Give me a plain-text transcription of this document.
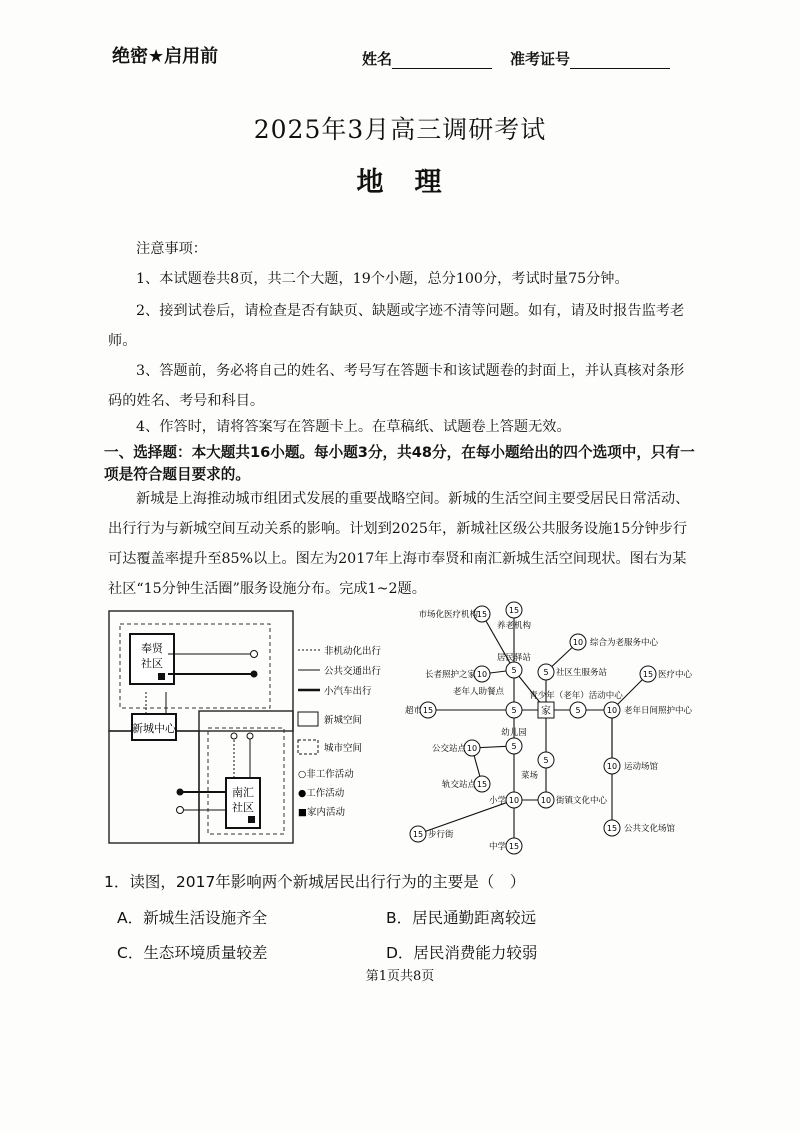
绝密★启用前	姓名	准考证号
2025年3月高三调研考试
地　理
注意事项：
1、本试题卷共8页，共二个大题，19个小题，总分100分，考试时量75分钟。
2、接到试卷后，请检查是否有缺页、缺题或字迹不清等问题。如有，请及时报告监考老师。
3、答题前，务必将自己的姓名、考号写在答题卡和该试题卷的封面上，并认真核对条形码的姓名、考号和科目。
4、作答时，请将答案写在答题卡上。在草稿纸、试题卷上答题无效。
一、选择题：本大题共16小题。每小题3分，共48分，在每小题给出的四个选项中，只有一项是符合题目要求的。
新城是上海推动城市组团式发展的重要战略空间。新城的生活空间主要受居民日常活动、出行行为与新城空间互动关系的影响。计划到2025年，新城社区级公共服务设施15分钟步行可达覆盖率提升至85%以上。图左为2017年上海市奉贤和南汇新城生活空间现状。图右为某社区“15分钟生活圈”服务设施分布。完成1~2题。
奉贤
社区
新城中心
南汇
社区
非机动化出行
公共交通出行
小汽车出行
新城空间
城市空间
○非工作活动
●工作活动
■家内活动
15
市场化医疗机构	15
养老机构
10 综合为老服务中心
5
居民驿站
10
长者照护之家	5 社区生服务站	15 医疗中心
5
青少年（老年）活动中心
15
超市	5
老年人助餐点
家	10 老年日间照护中心
5
幼儿园
10
公交站点
5
菜场
10 运动场馆
15
轨交站点
10
小学	10 街镇文化中心
15 步行街
15
中学
15 公共文化场馆
1．读图，2017年影响两个新城居民出行行为的主要是（　）
A．新城生活设施齐全	B．居民通勤距离较远
C．生态环境质量较差	D．居民消费能力较弱
第1页共8页
